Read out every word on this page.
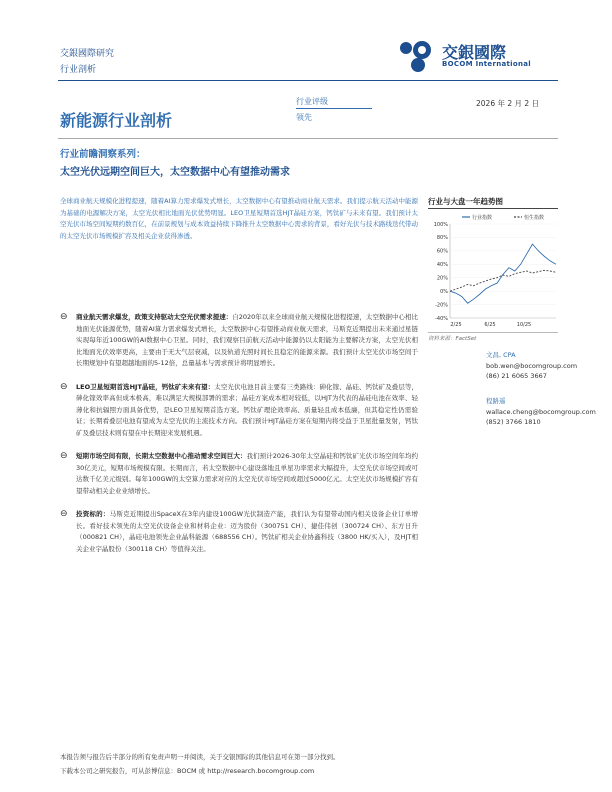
交銀國際研究
行业剖析
交銀國際
BOCOM International
新能源行业剖析
行业评级
领先
2026 年 2 月 2 日
行业前瞻洞察系列：
太空光伏远期空间巨大，太空数据中心有望推动需求
全球商业航天规模化进程提速，随着AI算力需求爆发式增长，太空数据中心有望推动商业航天需求。我们提示航天活动中能源为基础的电源解决方案，太空光伏相比地面光伏优势明显。LEO卫星短期首选HJT晶硅方案，钙钛矿与未来有望。我们预计太空光伏市场空间短期约数百亿，在前景规划与成本效益持续下降推升太空数据中心需求的背景，看好光伏与技术路线迭代带动的太空光伏市场规模扩容及相关企业获得渗透。
⊖ 商业航天需求爆发，政策支持驱动太空光伏需求提速：自2020年以来全球商业航天规模化进程提速，太空数据中心相比地面光伏能源优势，随着AI算力需求爆发式增长，太空数据中心有望推动商业航天需求，马斯克近期提出未来通过星链实现每年近100GW的AI数据中心卫星。同时，我们观察目前航天活动中能源仍以太阳能为主要解决方案，太空光伏相比地面光伏效率更高，主要由于无大气层衰减，以及轨道光照时间长且稳定的能源来源。我们预计太空光伏市场空间于长期规划中有望超越地面的5-12倍，总量基本与需求预计将明显增长。
⊖ LEO卫星短期首选HJT晶硅，钙钛矿未来有望：太空光伏电池目前主要有三类路线：砷化镓、晶硅、钙钛矿及叠层等，砷化镓效率高但成本极高，难以满足大规模部署的需求；晶硅方案成本相对较低，以HJT为代表的晶硅电池在效率、轻薄化和抗辐照方面具备优势，是LEO卫星短期首选方案。钙钛矿理论效率高、质量轻且成本低廉，但其稳定性仍需验证；长期看叠层电池有望成为太空光伏的主流技术方向。我们预计HJT晶硅方案在短期内将受益于卫星批量发射，钙钛矿及叠层技术则有望在中长期迎来发展机遇。
⊖ 短期市场空间有限，长期太空数据中心推动需求空间巨大：我们预计2026-30年太空晶硅和钙钛矿光伏市场空间年均约30亿美元，短期市场规模有限。长期而言，若太空数据中心建设落地且单星功率需求大幅提升，太空光伏市场空间或可达数千亿美元级别。每年100GW的太空算力需求对应的太空光伏市场空间或超过5000亿元。太空光伏市场规模扩容有望带动相关企业业绩增长。
⊖ 投资标的：马斯克近期提出SpaceX在3年内建设100GW光伏制造产能，我们认为有望带动国内相关设备企业订单增长。看好技术领先的太空光伏设备企业和材料企业：迈为股份（300751 CH）、捷佳伟创（300724 CH）、东方日升（000821 CH），晶硅电池领先企业晶科能源（688556 CH）。钙钛矿相关企业协鑫科技（3800 HK/买入），及HJT相关企业宇晶股份（300118 CH）等值得关注。
行业与大盘一年趋势图
行业指数	恒生指数
100%
80%
60%
40%
20%
0%
-20%
-40%
2/25	6/25	10/25
资料来源：FactSet
文昌, CPA
bob.wen@bocomgroup.com
(86) 21 6065 3667
程路遥
wallace.cheng@bocomgroup.com
(852) 3766 1810
本报告须与报告后半部分的所有免责声明一并阅读，关于交银国际的其他信息可在第一部分找到。
下载本公司之研究报告，可从彭博信息：BOCM 或 http://research.bocomgroup.com
